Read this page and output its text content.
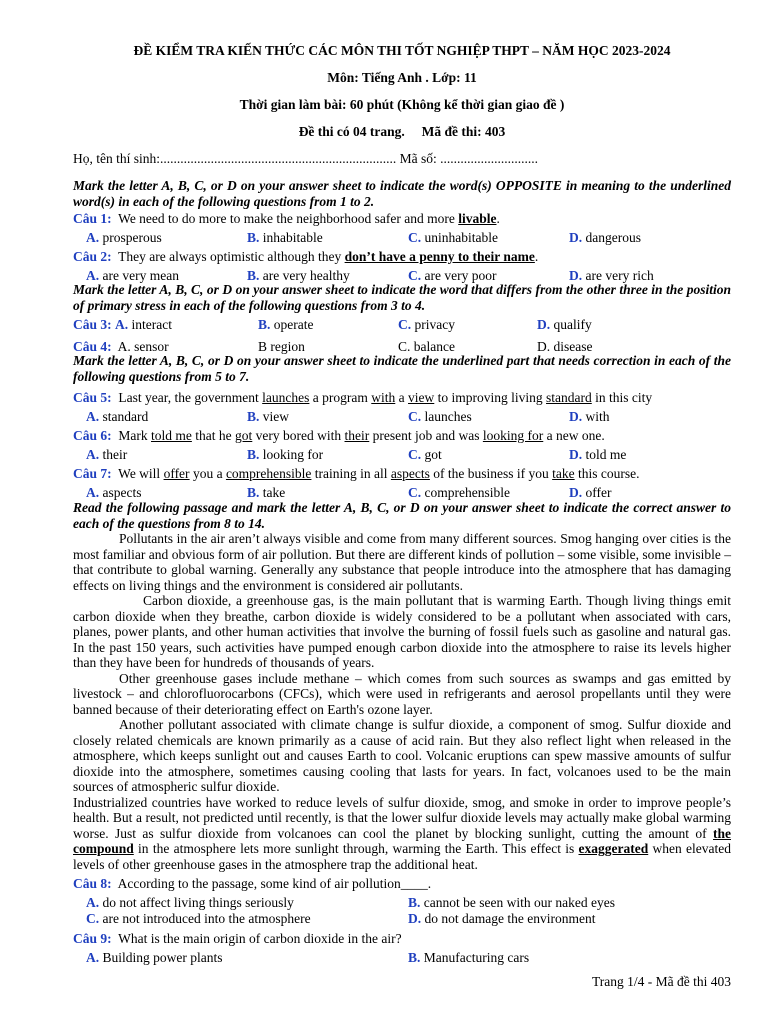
ĐỀ KIỂM TRA KIẾN THỨC CÁC MÔN THI TỐT NGHIỆP THPT – NĂM HỌC 2023-2024
Môn: Tiếng Anh . Lớp: 11
Thời gian làm bài: 60 phút (Không kể thời gian giao đề )
Đề thi có 04 trang.     Mã đề thi: 403
Họ, tên thí sinh:...................................................................... Mã số: .............................
Mark the letter A, B, C, or D on your answer sheet to indicate the word(s) OPPOSITE in meaning to the underlined word(s) in each of the following questions from 1 to 2.
Câu 1: We need to do more to make the neighborhood safer and more livable.
A. prosperous	B. inhabitable	C. uninhabitable	D. dangerous
Câu 2: They are always optimistic although they don’t have a penny to their name.
A. are very mean	B. are very healthy	C. are very poor	D. are very rich
Mark the letter A, B, C, or D on your answer sheet to indicate the word that differs from the other three in the position of primary stress in each of the following questions from 3 to 4.
Câu 3: A. interact	B. operate	C. privacy	D. qualify
Câu 4: A. sensor	B region	C. balance	D. disease
Mark the letter A, B, C, or D on your answer sheet to indicate the underlined part that needs correction in each of the following questions from 5 to 7.
Câu 5: Last year, the government launches a program with a view to improving living standard in this city
A. standard	B. view	C. launches	D. with
Câu 6: Mark told me that he got very bored with their present job and was looking for a new one.
A. their	B. looking for	C. got	D. told me
Câu 7: We will offer you a comprehensible training in all aspects of the business if you take this course.
A. aspects	B. take	C. comprehensible	D. offer
Read the following passage and mark the letter A, B, C, or D on your answer sheet to indicate the correct answer to each of the questions from 8 to 14.

Pollutants in the air aren’t always visible and come from many different sources. Smog hanging over cities is the most familiar and obvious form of air pollution. But there are different kinds of pollution – some visible, some invisible – that contribute to global warning. Generally any substance that people introduce into the atmosphere that has damaging effects on living things and the environment is considered air pollutants.

Carbon dioxide, a greenhouse gas, is the main pollutant that is warming Earth. Though living things emit carbon dioxide when they breathe, carbon dioxide is widely considered to be a pollutant when associated with cars, planes, power plants, and other human activities that involve the burning of fossil fuels such as gasoline and natural gas. In the past 150 years, such activities have pumped enough carbon dioxide into the atmosphere to raise its levels higher than they have been for hundreds of thousands of years.

Other greenhouse gases include methane – which comes from such sources as swamps and gas emitted by livestock – and chlorofluorocarbons (CFCs), which were used in refrigerants and aerosol propellants until they were banned because of their deteriorating effect on Earth's ozone layer.

Another pollutant associated with climate change is sulfur dioxide, a component of smog. Sulfur dioxide and closely related chemicals are known primarily as a cause of acid rain. But they also reflect light when released in the atmosphere, which keeps sunlight out and causes Earth to cool. Volcanic eruptions can spew massive amounts of sulfur dioxide into the atmosphere, sometimes causing cooling that lasts for years. In fact, volcanoes used to be the main sources of atmospheric sulfur dioxide.

Industrialized countries have worked to reduce levels of sulfur dioxide, smog, and smoke in order to improve people’s health. But a result, not predicted until recently, is that the lower sulfur dioxide levels may actually make global warming worse. Just as sulfur dioxide from volcanoes can cool the planet by blocking sunlight, cutting the amount of the compound in the atmosphere lets more sunlight through, warming the Earth. This effect is exaggerated when elevated levels of other greenhouse gases in the atmosphere trap the additional heat.

Câu 8: According to the passage, some kind of air pollution____.
A. do not affect living things seriously	B. cannot be seen with our naked eyes
C. are not introduced into the atmosphere	D. do not damage the environment
Câu 9: What is the main origin of carbon dioxide in the air?
A. Building power plants	B. Manufacturing cars
Trang 1/4 - Mã đề thi 403
